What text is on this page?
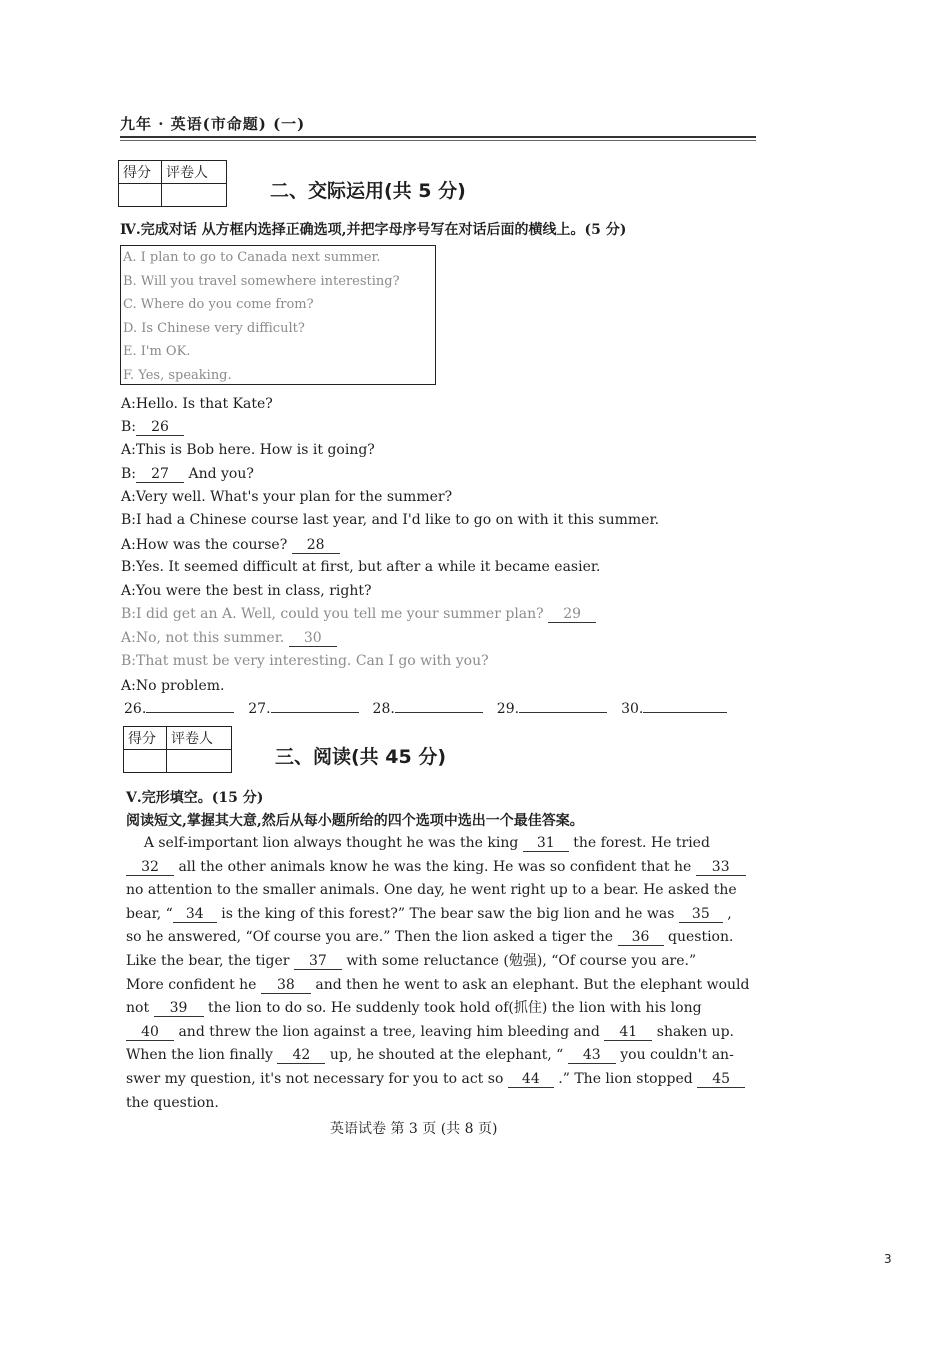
九年 · 英语(市命题) (一)
得分	评卷人

二、交际运用(共 5 分)
Ⅳ.完成对话 从方框内选择正确选项,并把字母序号写在对话后面的横线上。(5 分)
A. I plan to go to Canada next summer.
B. Will you travel somewhere interesting?
C. Where do you come from?
D. Is Chinese very difficult?
E. I'm OK.
F. Yes, speaking.
A:Hello. Is that Kate?
B: 26
A:This is Bob here. How is it going?
B: 27 And you?
A:Very well. What's your plan for the summer?
B:I had a Chinese course last year, and I'd like to go on with it this summer.
A:How was the course? 28
B:Yes. It seemed difficult at first, but after a while it became easier.
A:You were the best in class, right?
B:I did get an A. Well, could you tell me your summer plan? 29
A:No, not this summer. 30
B:That must be very interesting. Can I go with you?
A:No problem.
26.	27.	28.	29.	30.
得分	评卷人

三、阅读(共 45 分)
Ⅴ.完形填空。(15 分)
阅读短文,掌握其大意,然后从每小题所给的四个选项中选出一个最佳答案。
A self-important lion always thought he was the king 31 the forest. He tried
32 all the other animals know he was the king. He was so confident that he 33
no attention to the smaller animals. One day, he went right up to a bear. He asked the
bear, “ 34 is the king of this forest?” The bear saw the big lion and he was 35 ,
so he answered, “Of course you are.” Then the lion asked a tiger the 36 question.
Like the bear, the tiger 37 with some reluctance (勉强), “Of course you are.”
More confident he 38 and then he went to ask an elephant. But the elephant would
not 39 the lion to do so. He suddenly took hold of(抓住) the lion with his long
40 and threw the lion against a tree, leaving him bleeding and 41 shaken up.
When the lion finally 42 up, he shouted at the elephant, “ 43 you couldn't an-
swer my question, it's not necessary for you to act so 44 .” The lion stopped 45
the question.
英语试卷 第 3 页 (共 8 页)
3
